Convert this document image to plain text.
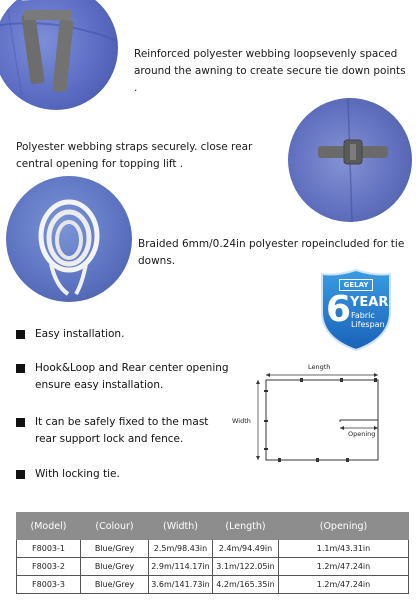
Reinforced polyester webbing loopsevenly spaced around the awning to create secure tie down points .
Polyester webbing straps securely. close rear central opening for topping lift .
Braided 6mm/0.24in polyester ropeincluded for tie downs.
GELAY
6
YEAR
Fabric
Lifespan
Easy installation.
Hook&Loop and Rear center opening ensure easy installation.
It can be safely fixed to the mast rear support lock and fence.
With locking tie.
Length
Width
Opening
(Model)	(Colour)	(Width)	(Length)	(Opening)
F8003-1	Blue/Grey	2.5m/98.43in	2.4m/94.49in	1.1m/43.31in
F8003-2	Blue/Grey	2.9m/114.17in	3.1m/122.05in	1.2m/47.24in
F8003-3	Blue/Grey	3.6m/141.73in	4.2m/165.35in	1.2m/47.24in
